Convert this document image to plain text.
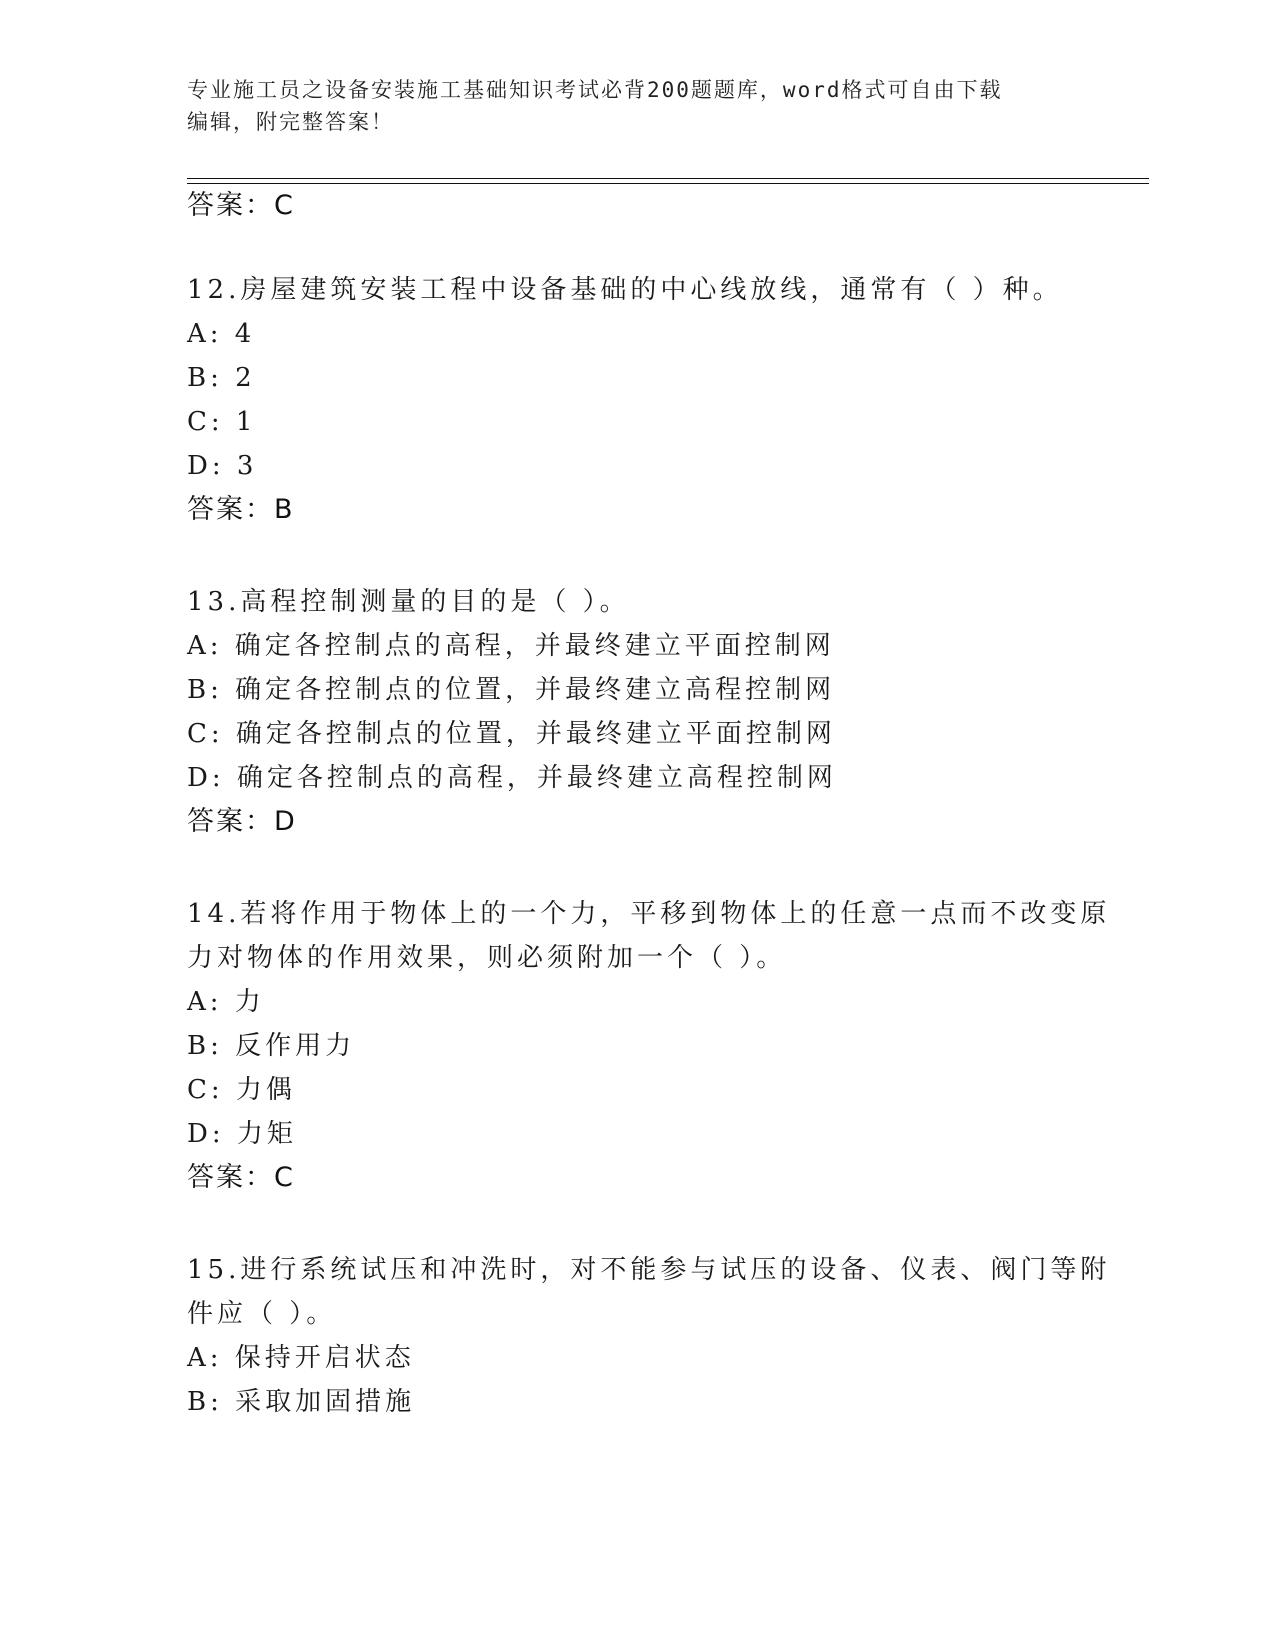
专业施工员之设备安装施工基础知识考试必背200题题库，word格式可自由下载
编辑，附完整答案！
答案：C
12.房屋建筑安装工程中设备基础的中心线放线，通常有（ ）种。
A: 4
B: 2
C: 1
D: 3
答案：B
13.高程控制测量的目的是（ ）。
A: 确定各控制点的高程，并最终建立平面控制网
B: 确定各控制点的位置，并最终建立高程控制网
C: 确定各控制点的位置，并最终建立平面控制网
D: 确定各控制点的高程，并最终建立高程控制网
答案：D
14.若将作用于物体上的一个力，平移到物体上的任意一点而不改变原
力对物体的作用效果，则必须附加一个（ ）。
A: 力
B: 反作用力
C: 力偶
D: 力矩
答案：C
15.进行系统试压和冲洗时，对不能参与试压的设备、仪表、阀门等附
件应（ ）。
A: 保持开启状态
B: 采取加固措施
